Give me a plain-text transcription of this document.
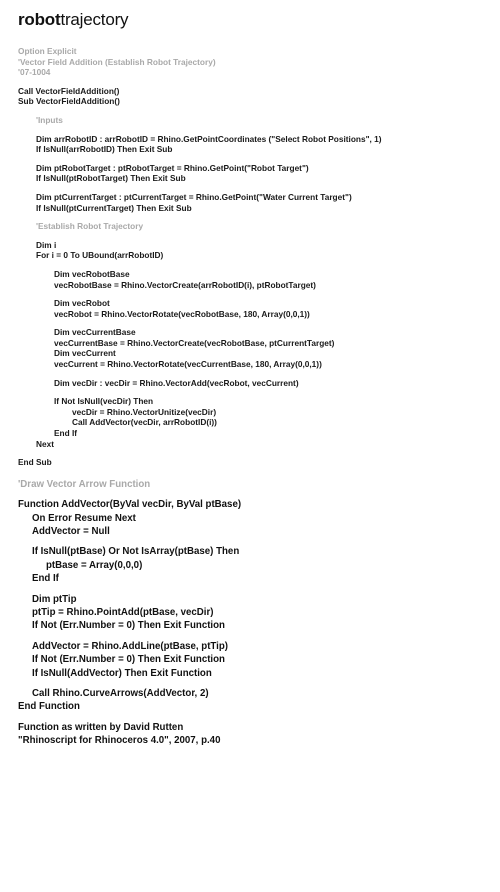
robottrajectory
Option Explicit
'Vector Field Addition (Establish Robot Trajectory)
'07-1004
Call VectorFieldAddition()
Sub VectorFieldAddition()
'Inputs
Dim arrRobotID : arrRobotID = Rhino.GetPointCoordinates ("Select Robot Positions", 1)
If IsNull(arrRobotID) Then Exit Sub
Dim ptRobotTarget : ptRobotTarget = Rhino.GetPoint("Robot Target")
If IsNull(ptRobotTarget) Then Exit Sub
Dim ptCurrentTarget : ptCurrentTarget = Rhino.GetPoint("Water Current Target")
If IsNull(ptCurrentTarget) Then Exit Sub
'Establish Robot Trajectory
Dim i
For i = 0 To UBound(arrRobotID)
Dim vecRobotBase
vecRobotBase = Rhino.VectorCreate(arrRobotID(i), ptRobotTarget)
Dim vecRobot
vecRobot = Rhino.VectorRotate(vecRobotBase, 180, Array(0,0,1))
Dim vecCurrentBase
vecCurrentBase = Rhino.VectorCreate(vecRobotBase, ptCurrentTarget)
Dim vecCurrent
vecCurrent = Rhino.VectorRotate(vecCurrentBase, 180, Array(0,0,1))
Dim vecDir : vecDir = Rhino.VectorAdd(vecRobot, vecCurrent)
If Not IsNull(vecDir) Then
vecDir = Rhino.VectorUnitize(vecDir)
Call AddVector(vecDir, arrRobotID(i))
End If
Next
End Sub
'Draw Vector Arrow Function
Function AddVector(ByVal vecDir, ByVal ptBase)
On Error Resume Next
AddVector = Null
If IsNull(ptBase) Or Not IsArray(ptBase) Then
ptBase = Array(0,0,0)
End If
Dim ptTip
ptTip = Rhino.PointAdd(ptBase, vecDir)
If Not (Err.Number = 0) Then Exit Function
AddVector = Rhino.AddLine(ptBase, ptTip)
If Not (Err.Number = 0) Then Exit Function
If IsNull(AddVector) Then Exit Function
Call Rhino.CurveArrows(AddVector, 2)
End Function
Function as written by David Rutten
"Rhinoscript for Rhinoceros 4.0", 2007, p.40
